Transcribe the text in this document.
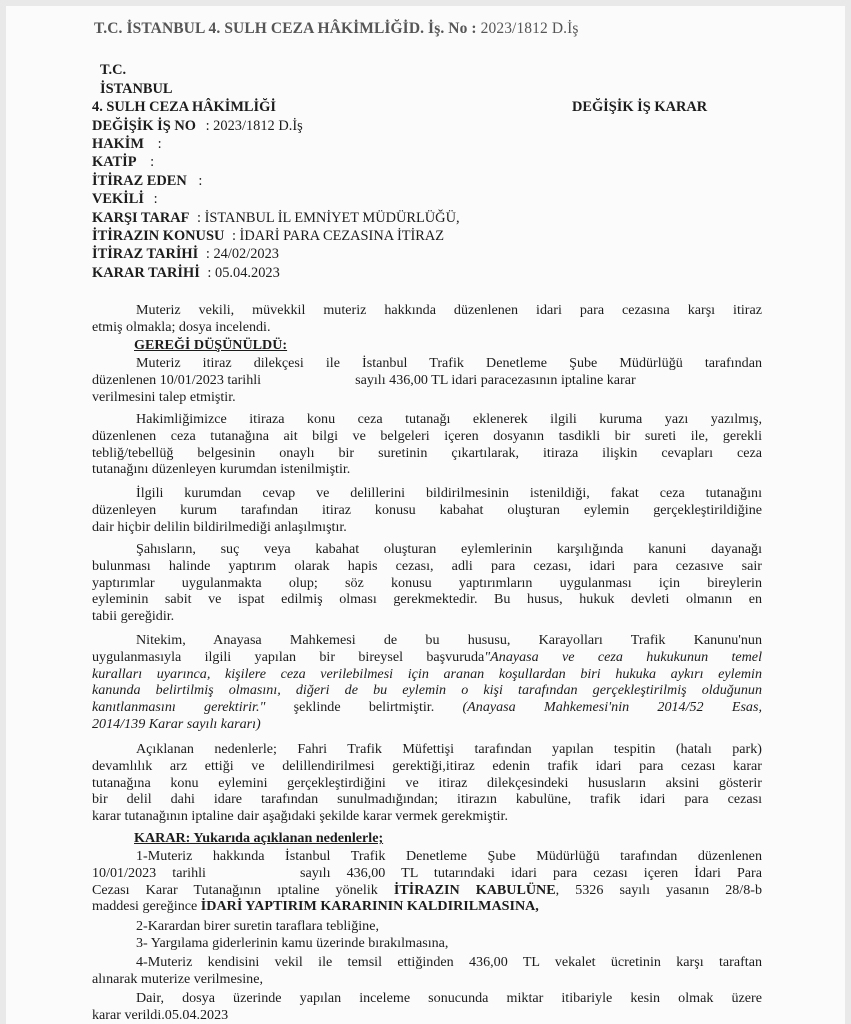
T.C. İSTANBUL 4. SULH CEZA HÂKİMLİĞİD. İş. No : 2023/1812 D.İş
T.C.
İSTANBUL
4. SULH CEZA HÂKİMLİĞİ	DEĞİŞİK İŞ KARAR
DEĞİŞİK İŞ NO : 2023/1812 D.İş
HAKİM :
KATİP :
İTİRAZ EDEN :
VEKİLİ :
KARŞI TARAF : İSTANBUL İL EMNİYET MÜDÜRLÜĞÜ,
İTİRAZIN KONUSU : İDARİ PARA CEZASINA İTİRAZ
İTİRAZ TARİHİ : 24/02/2023
KARAR TARİHİ : 05.04.2023
Muteriz vekili, müvekkil muteriz hakkında düzenlenen idari para cezasına karşı itiraz
etmiş olmakla; dosya incelendi.
GEREĞİ DÜŞÜNÜLDÜ:
Muteriz itiraz dilekçesi ile İstanbul Trafik Denetleme Şube Müdürlüğü tarafından
düzenlenen 10/01/2023 tarihli	sayılı 436,00 TL idari paracezasının iptaline karar
verilmesini talep etmiştir.
Hakimliğimizce itiraza konu ceza tutanağı eklenerek ilgili kuruma yazı yazılmış,
düzenlenen ceza tutanağına ait bilgi ve belgeleri içeren dosyanın tasdikli bir sureti ile, gerekli
tebliğ/tebellüğ belgesinin onaylı bir suretinin çıkartılarak, itiraza ilişkin cevapları ceza
tutanağını düzenleyen kurumdan istenilmiştir.
İlgili kurumdan cevap ve delillerini bildirilmesinin istenildiği, fakat ceza tutanağını
düzenleyen kurum tarafından itiraz konusu kabahat oluşturan eylemin gerçekleştirildiğine
dair hiçbir delilin bildirilmediği anlaşılmıştır.
Şahısların, suç veya kabahat oluşturan eylemlerinin karşılığında kanuni dayanağı
bulunması halinde yaptırım olarak hapis cezası, adli para cezası, idari para cezasıve sair
yaptırımlar uygulanmakta olup; söz konusu yaptırımların uygulanması için bireylerin
eyleminin sabit ve ispat edilmiş olması gerekmektedir. Bu husus, hukuk devleti olmanın en
tabii gereğidir.
Nitekim, Anayasa Mahkemesi de bu hususu, Karayolları Trafik Kanunu'nun
uygulanmasıyla ilgili yapılan bir bireysel başvuruda"Anayasa ve ceza hukukunun temel
kuralları uyarınca, kişilere ceza verilebilmesi için aranan koşullardan biri hukuka aykırı eylemin
kanunda belirtilmiş olmasını, diğeri de bu eylemin o kişi tarafından gerçekleştirilmiş olduğunun
kanıtlanmasını gerektirir." şeklinde belirtmiştir. (Anayasa Mahkemesi'nin 2014/52 Esas,
2014/139 Karar sayılı kararı)
Açıklanan nedenlerle; Fahri Trafik Müfettişi tarafından yapılan tespitin (hatalı park)
devamlılık arz ettiği ve delillendirilmesi gerektiği,itiraz edenin trafik idari para cezası karar
tutanağına konu eylemini gerçekleştirdiğini ve itiraz dilekçesindeki hususların aksini gösterir
bir delil dahi idare tarafından sunulmadığından; itirazın kabulüne, trafik idari para cezası
karar tutanağının iptaline dair aşağıdaki şekilde karar vermek gerekmiştir.
KARAR: Yukarıda açıklanan nedenlerle;
1-Muteriz hakkında İstanbul Trafik Denetleme Şube Müdürlüğü tarafından düzenlenen
10/01/2023 tarihli	sayılı 436,00 TL tutarındaki idari para cezası içeren İdari Para
Cezası Karar Tutanağının ıptaline yönelik İTİRAZIN KABULÜNE, 5326 sayılı yasanın 28/8-b
maddesi gereğince İDARİ YAPTIRIM KARARININ KALDIRILMASINA,
2-Karardan birer suretin taraflara tebliğine,
3- Yargılama giderlerinin kamu üzerinde bırakılmasına,
4-Muteriz kendisini vekil ile temsil ettiğinden 436,00 TL vekalet ücretinin karşı taraftan
alınarak muterize verilmesine,
Dair, dosya üzerinde yapılan inceleme sonucunda miktar itibariyle kesin olmak üzere
karar verildi.05.04.2023
